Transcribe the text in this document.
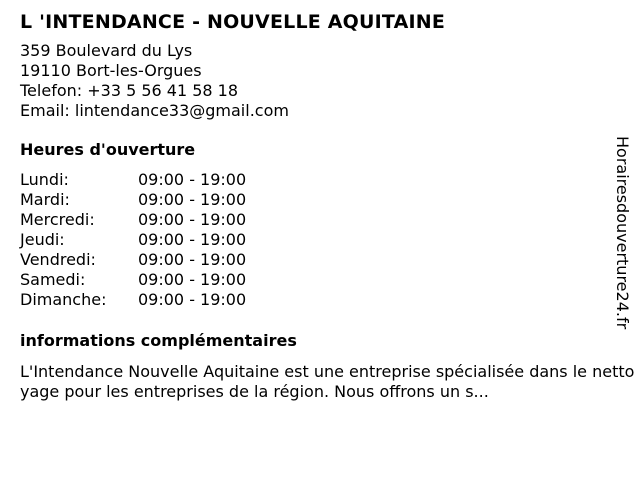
L 'INTENDANCE - NOUVELLE AQUITAINE
359 Boulevard du Lys
19110 Bort-les-Orgues
Telefon: +33 5 56 41 58 18
Email: lintendance33@gmail.com
Heures d'ouverture
Lundi:	09:00 - 19:00
Mardi:	09:00 - 19:00
Mercredi:	09:00 - 19:00
Jeudi:	09:00 - 19:00
Vendredi:	09:00 - 19:00
Samedi:	09:00 - 19:00
Dimanche:	09:00 - 19:00
informations complémentaires
L'Intendance Nouvelle Aquitaine est une entreprise spécialisée dans le nettoyage pour les entreprises de la région. Nous offrons un s...
Horairesdouverture24.fr
